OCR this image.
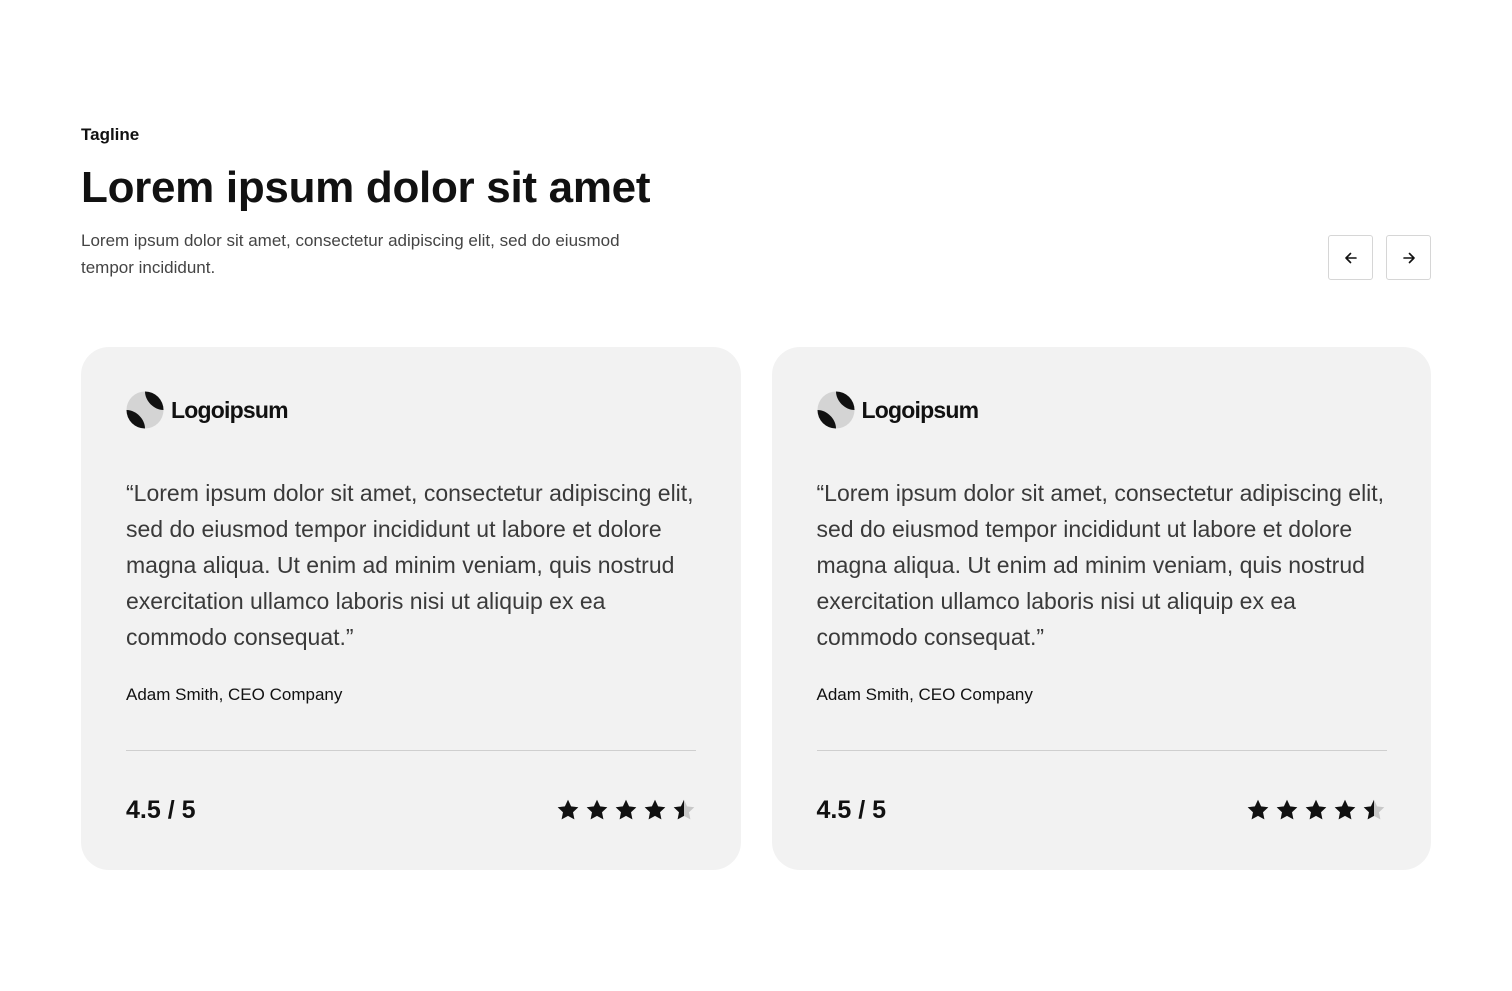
Tagline
Lorem ipsum dolor sit amet

Lorem ipsum dolor sit amet, consectetur adipiscing elit, sed do eiusmod tempor incididunt.

Logoipsum

“Lorem ipsum dolor sit amet, consectetur adipiscing elit, sed do eiusmod tempor incididunt ut labore et dolore magna aliqua. Ut enim ad minim veniam, quis nostrud exercitation ullamco laboris nisi ut aliquip ex ea commodo consequat.”

Adam Smith, CEO Company
4.5 / 5
Logoipsum

“Lorem ipsum dolor sit amet, consectetur adipiscing elit, sed do eiusmod tempor incididunt ut labore et dolore magna aliqua. Ut enim ad minim veniam, quis nostrud exercitation ullamco laboris nisi ut aliquip ex ea commodo consequat.”

Adam Smith, CEO Company
4.5 / 5
